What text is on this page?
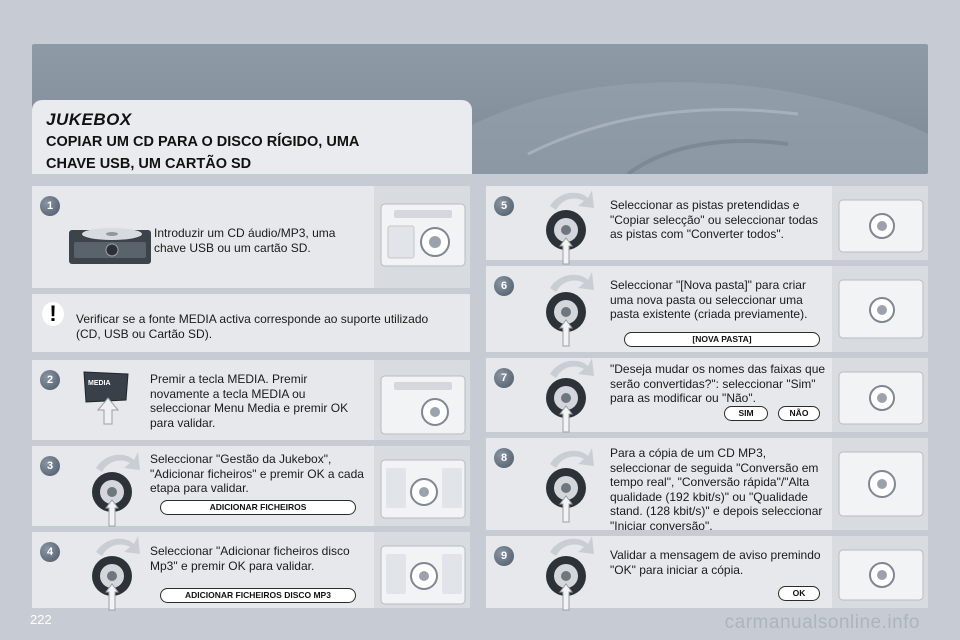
JUKEBOX
COPIAR UM CD PARA O DISCO RÍGIDO, UMA
CHAVE USB, UM CARTÃO SD
1
Introduzir um CD áudio/MP3, uma chave USB ou um cartão SD.
!	Verificar se a fonte MEDIA activa corresponde ao suporte utilizado (CD, USB ou Cartão SD).
2	Premir a tecla MEDIA. Premir novamente a tecla MEDIA ou seleccionar Menu Media e premir OK para validar.
MEDIA
3	Seleccionar "Gestão da Jukebox", "Adicionar ficheiros" e premir OK a cada etapa para validar.
ADICIONAR FICHEIROS
4	Seleccionar "Adicionar ficheiros disco Mp3" e premir OK para validar.
ADICIONAR FICHEIROS DISCO MP3
5	Seleccionar as pistas pretendidas e "Copiar selecção" ou seleccionar todas as pistas com "Converter todos".
6	Seleccionar "[Nova pasta]" para criar uma nova pasta ou seleccionar uma pasta existente (criada previamente).
[NOVA PASTA]
7
"Deseja mudar os nomes das faixas que serão convertidas?": seleccionar "Sim" para as modificar ou "Não".
SIM	NÃO
8	Para a cópia de um CD MP3, seleccionar de seguida "Conversão em tempo real", "Conversão rápida"/"Alta qualidade (192 kbit/s)" ou "Qualidade stand. (128 kbit/s)" e depois seleccionar "Iniciar conversão".
9	Validar a mensagem de aviso premindo "OK" para iniciar a cópia.
OK
222	carmanualsonline.info
